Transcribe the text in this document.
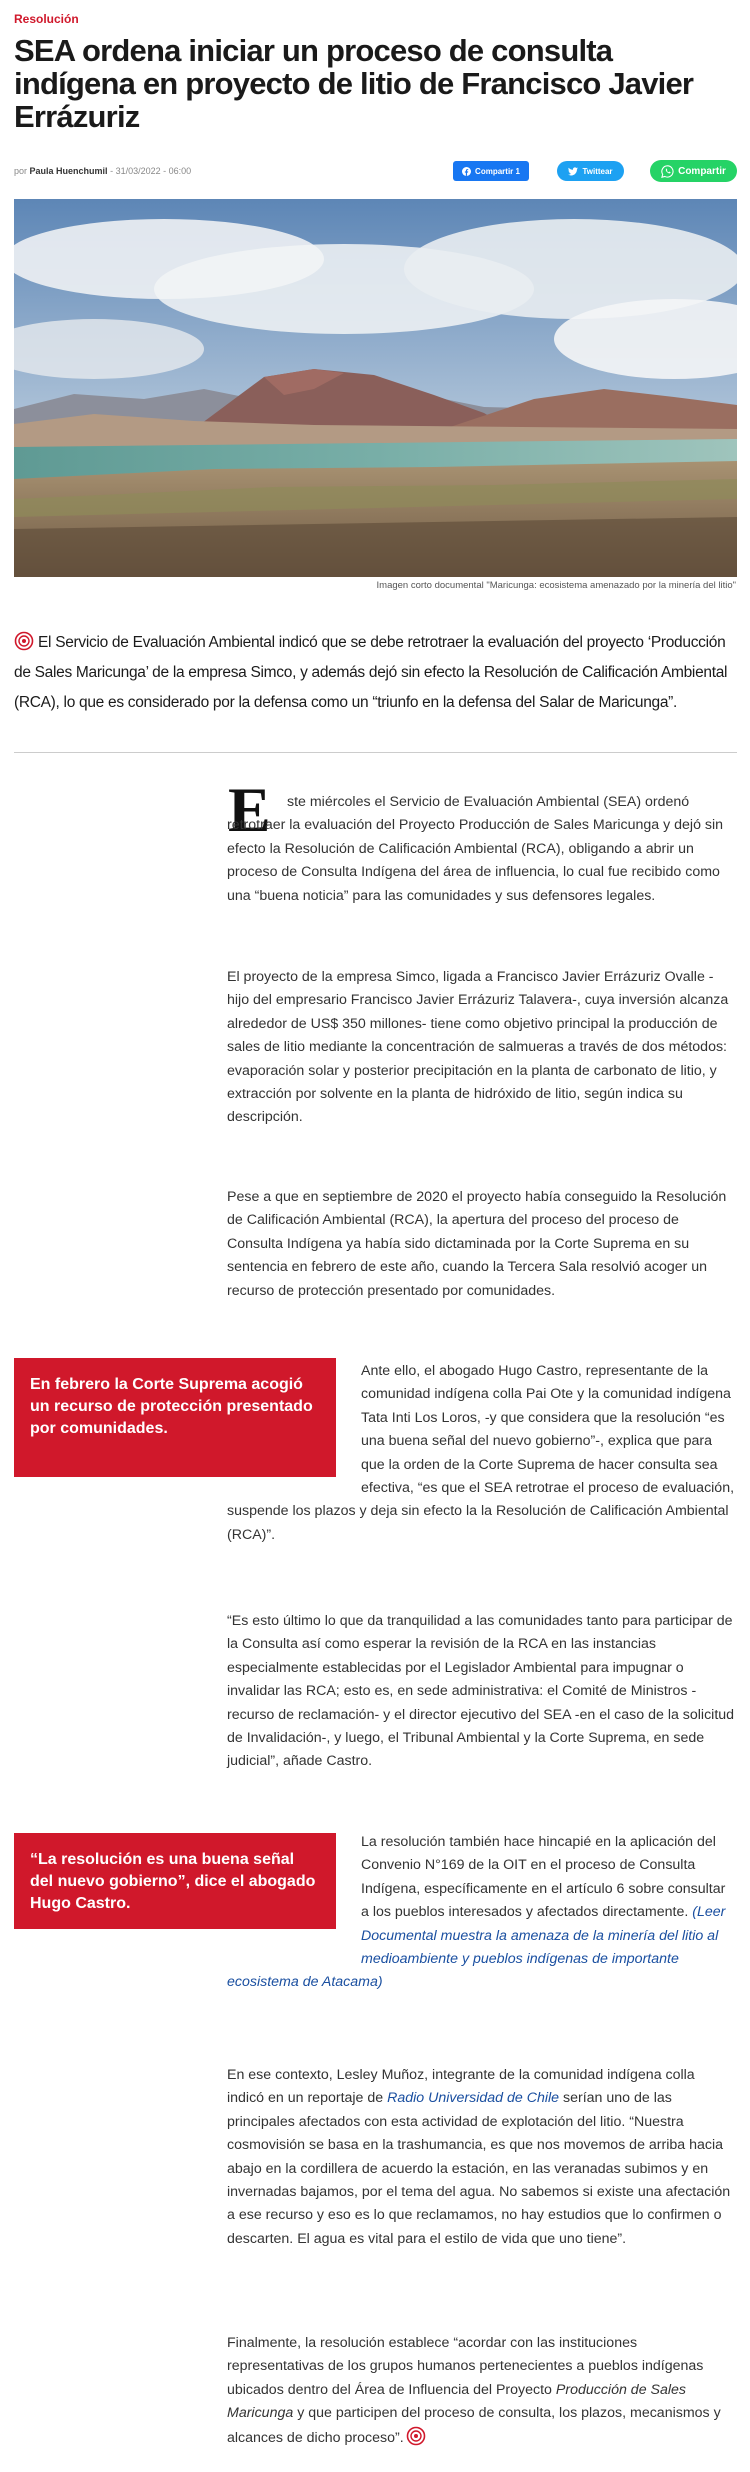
Resolución
SEA ordena iniciar un proceso de consulta indígena en proyecto de litio de Francisco Javier Errázuriz
por Paula Huenchumil - 31/03/2022 - 06:00	Compartir 1	Twittear	Compartir
Imagen corto documental "Maricunga: ecosistema amenazado por la minería del litio"

El Servicio de Evaluación Ambiental indicó que se debe retrotraer la evaluación del proyecto ‘Producción de Sales Maricunga’ de la empresa Simco, y además dejó sin efecto la Resolución de Calificación Ambiental (RCA), lo que es considerado por la defensa como un “triunfo en la defensa del Salar de Maricunga”.

E	ste miércoles el Servicio de Evaluación Ambiental (SEA) ordenó retrotraer la evaluación del Proyecto Producción de Sales Maricunga y dejó sin efecto la Resolución de Calificación Ambiental (RCA), obligando a abrir un proceso de Consulta Indígena del área de influencia, lo cual fue recibido como una “buena noticia” para las comunidades y sus defensores legales.

El proyecto de la empresa Simco, ligada a Francisco Javier Errázuriz Ovalle -hijo del empresario Francisco Javier Errázuriz Talavera-, cuya inversión alcanza alrededor de US$ 350 millones- tiene como objetivo principal la producción de sales de litio mediante la concentración de salmueras a través de dos métodos: evaporación solar y posterior precipitación en la planta de carbonato de litio, y extracción por solvente en la planta de hidróxido de litio, según indica su descripción.

Pese a que en septiembre de 2020 el proyecto había conseguido la Resolución de Calificación Ambiental (RCA), la apertura del proceso del proceso de Consulta Indígena ya había sido dictaminada por la Corte Suprema en su sentencia en febrero de este año, cuando la Tercera Sala resolvió acoger un recurso de protección presentado por comunidades.

En febrero la Corte Suprema acogió un recurso de protección presentado por comunidades.

Ante ello, el abogado Hugo Castro, representante de la comunidad indígena colla Pai Ote y la comunidad indígena Tata Inti Los Loros, -y que considera que la resolución “es una buena señal del nuevo gobierno”-, explica que para que la orden de la Corte Suprema de hacer consulta sea efectiva, “es que el SEA retrotrae el proceso de evaluación, suspende los plazos y deja sin efecto la la Resolución de Calificación Ambiental (RCA)”.

“Es esto último lo que da tranquilidad a las comunidades tanto para participar de la Consulta así como esperar la revisión de la RCA en las instancias especialmente establecidas por el Legislador Ambiental para impugnar o invalidar las RCA; esto es, en sede administrativa: el Comité de Ministros -recurso de reclamación- y el director ejecutivo del SEA -en el caso de la solicitud de Invalidación-, y luego, el Tribunal Ambiental y la Corte Suprema, en sede judicial”, añade Castro.

La resolución también hace hincapié en la aplicación del Convenio N°169 de la OIT en el proceso de Consulta Indígena, específicamente en el artículo 6 sobre consultar a los pueblos interesados y afectados directamente. (Leer Documental muestra la amenaza de la minería del litio al medioambiente y pueblos indígenas de importante ecosistema de Atacama)

“La resolución es una buena señal del nuevo gobierno”, dice el abogado Hugo Castro.

En ese contexto, Lesley Muñoz, integrante de la comunidad indígena colla indicó en un reportaje de Radio Universidad de Chile serían uno de las principales afectados con esta actividad de explotación del litio. “Nuestra cosmovisión se basa en la trashumancia, es que nos movemos de arriba hacia abajo en la cordillera de acuerdo la estación, en las veranadas subimos y en invernadas bajamos, por el tema del agua. No sabemos si existe una afectación a ese recurso y eso es lo que reclamamos, no hay estudios que lo confirmen o descarten. El agua es vital para el estilo de vida que uno tiene”.

Finalmente, la resolución establece “acordar con las instituciones representativas de los grupos humanos pertenecientes a pueblos indígenas ubicados dentro del Área de Influencia del Proyecto Producción de Sales Maricunga y que participen del proceso de consulta, los plazos, mecanismos y alcances de dicho proceso”.
